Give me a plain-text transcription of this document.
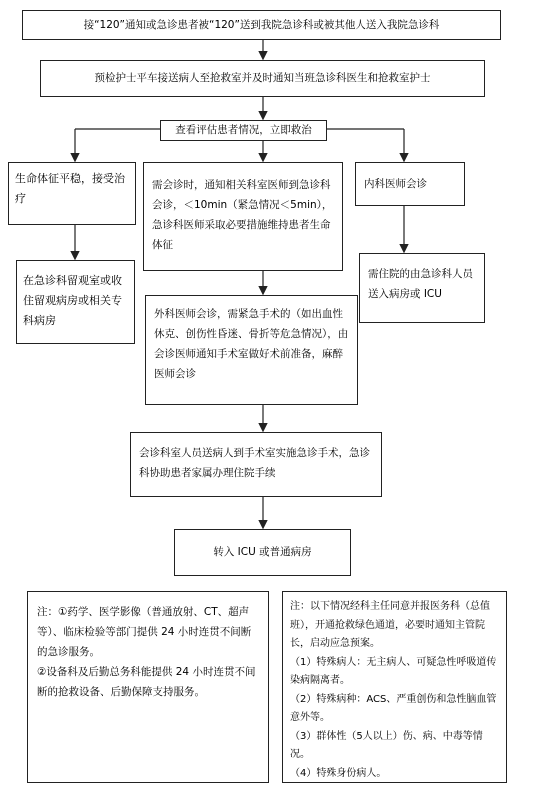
接“120”通知或急诊患者被“120”送到我院急诊科或被其他人送入我院急诊科
预检护士平车接送病人至抢救室并及时通知当班急诊科医生和抢救室护士
查看评估患者情况，立即救治
生命体征平稳，接受治疗
需会诊时，通知相关科室医师到急诊科会诊，＜10min（紧急情况＜5min），急诊科医师采取必要措施维持患者生命体征
内科医师会诊
在急诊科留观室或收住留观病房或相关专科病房
需住院的由急诊科人员送入病房或 ICU
外科医师会诊，需紧急手术的（如出血性休克、创伤性昏迷、骨折等危急情况），由会诊医师通知手术室做好术前准备，麻醉医师会诊
会诊科室人员送病人到手术室实施急诊手术，急诊科协助患者家属办理住院手续
转入 ICU 或普通病房
注：①药学、医学影像（普通放射、CT、超声等）、临床检验等部门提供 24 小时连贯不间断的急诊服务。
②设备科及后勤总务科能提供 24 小时连贯不间断的抢救设备、后勤保障支持服务。
注：以下情况经科主任同意并报医务科（总值班），开通抢救绿色通道，必要时通知主管院长，启动应急预案。
（1）特殊病人：无主病人、可疑急性呼吸道传染病隔离者。
（2）特殊病种：ACS、严重创伤和急性脑血管意外等。
（3）群体性（5人以上）伤、病、中毒等情况。
（4）特殊身份病人。
